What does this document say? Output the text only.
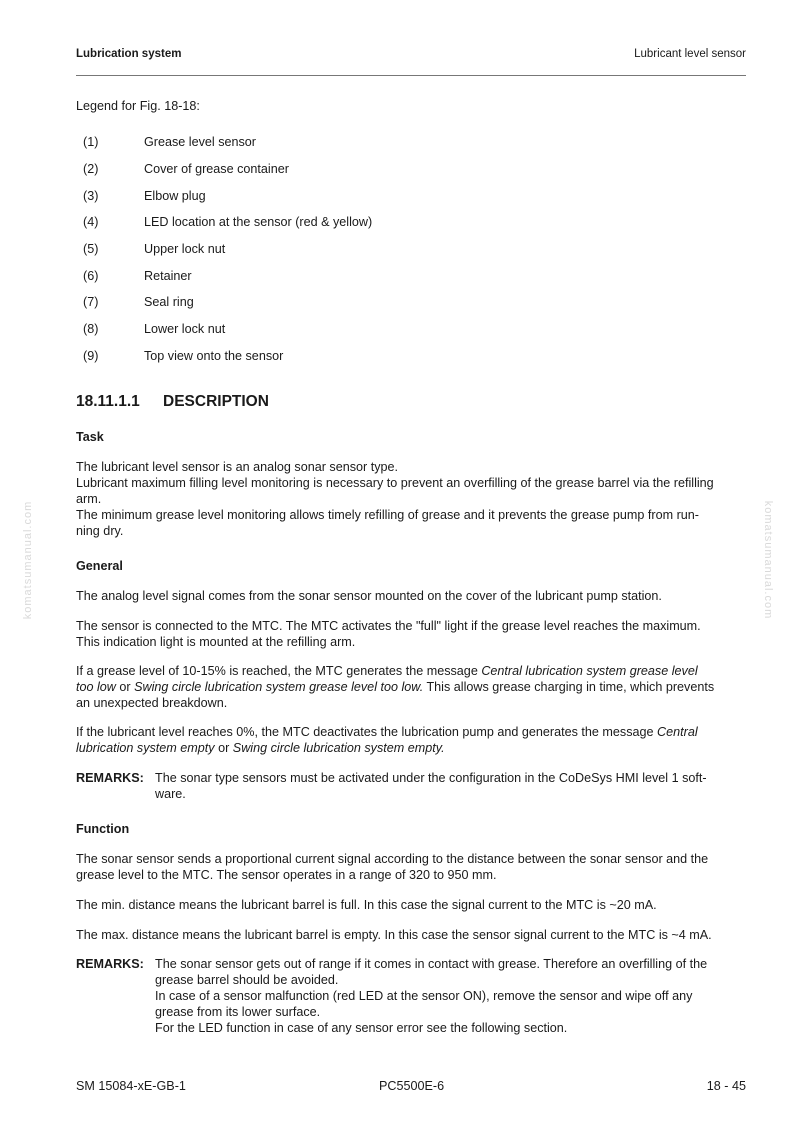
Lubrication system	Lubricant level sensor
komatsumanual.com	komatsumanual.com

Legend for Fig. 18-18:

(1)	Grease level sensor
(2)	Cover of grease container
(3)	Elbow plug
(4)	LED location at the sensor (red & yellow)
(5)	Upper lock nut
(6)	Retainer
(7)	Seal ring
(8)	Lower lock nut
(9)	Top view onto the sensor
18.11.1.1 DESCRIPTION
Task
The lubricant level sensor is an analog sonar sensor type.
Lubricant maximum filling level monitoring is necessary to prevent an overfilling of the grease barrel via the refilling
arm.
The minimum grease level monitoring allows timely refilling of grease and it prevents the grease pump from run-
ning dry.
General

The analog level signal comes from the sonar sensor mounted on the cover of the lubricant pump station.

The sensor is connected to the MTC. The MTC activates the "full" light if the grease level reaches the maximum.
This indication light is mounted at the refilling arm.
If a grease level of 10-15% is reached, the MTC generates the message Central lubrication system grease level
too low or Swing circle lubrication system grease level too low. This allows grease charging in time, which prevents
an unexpected breakdown.
If the lubricant level reaches 0%, the MTC deactivates the lubrication pump and generates the message Central
lubrication system empty or Swing circle lubrication system empty.
REMARKS: The sonar type sensors must be activated under the configuration in the CoDeSys HMI level 1 soft-
ware.
Function
The sonar sensor sends a proportional current signal according to the distance between the sonar sensor and the
grease level to the MTC. The sensor operates in a range of 320 to 950 mm.

The min. distance means the lubricant barrel is full. In this case the signal current to the MTC is ~20 mA.

The max. distance means the lubricant barrel is empty. In this case the sensor signal current to the MTC is ~4 mA.

REMARKS: The sonar sensor gets out of range if it comes in contact with grease. Therefore an overfilling of the
grease barrel should be avoided.
In case of a sensor malfunction (red LED at the sensor ON), remove the sensor and wipe off any
grease from its lower surface.
For the LED function in case of any sensor error see the following section.
SM 15084-xE-GB-1	PC5500E-6	18 - 45
